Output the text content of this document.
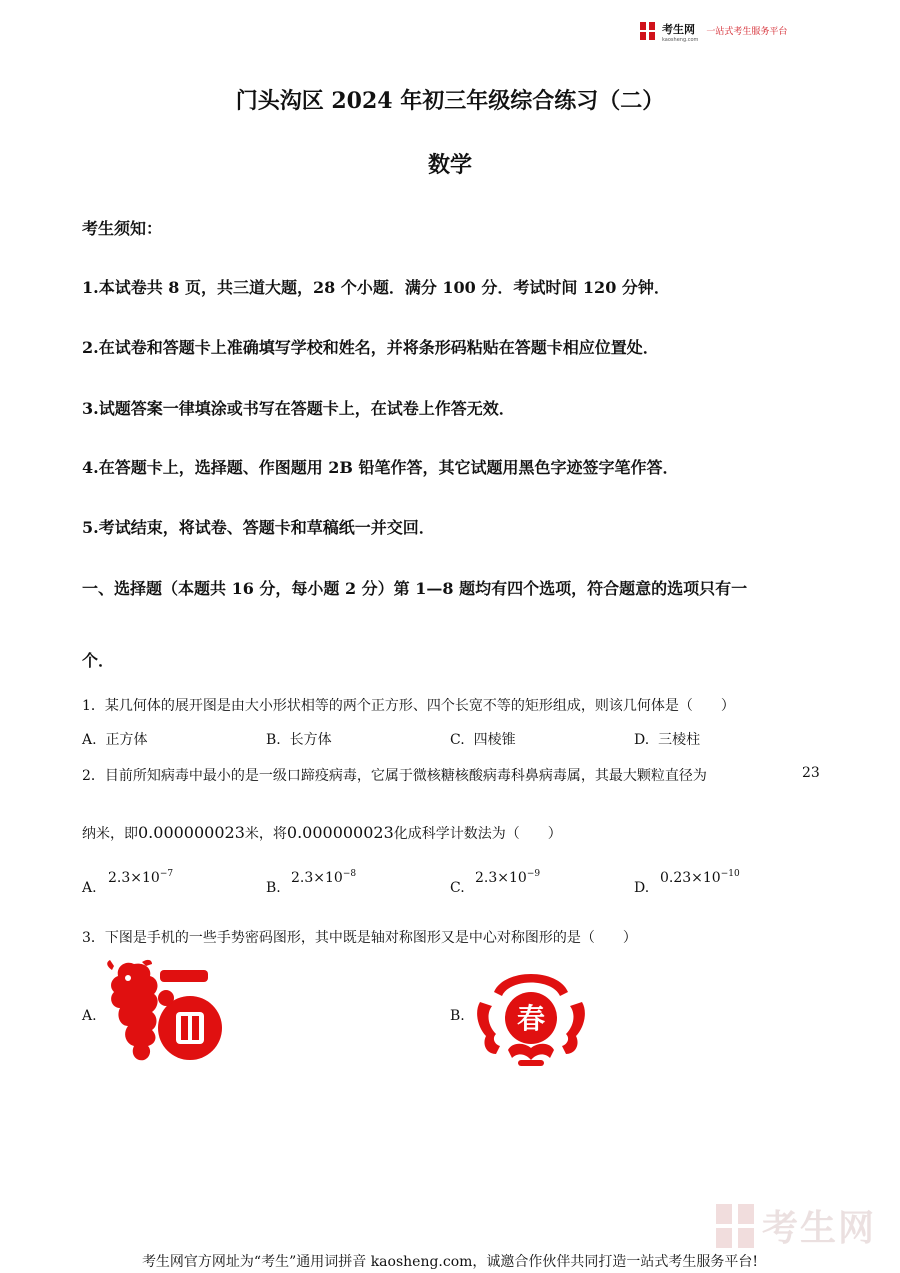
考生网
kaosheng.com
一站式考生服务平台
门头沟区 2024 年初三年级综合练习（二）
数学
考生须知：
1.本试卷共 8 页，共三道大题，28 个小题．满分 100 分．考试时间 120 分钟．
2.在试卷和答题卡上准确填写学校和姓名，并将条形码粘贴在答题卡相应位置处．
3.试题答案一律填涂或书写在答题卡上，在试卷上作答无效．
4.在答题卡上，选择题、作图题用 2B 铅笔作答，其它试题用黑色字迹签字笔作答．
5.考试结束，将试卷、答题卡和草稿纸一并交回．
一、选择题（本题共 16 分，每小题 2 分）第 1—8 题均有四个选项，符合题意的选项只有一
个．
1．某几何体的展开图是由大小形状相等的两个正方形、四个长宽不等的矩形组成，则该几何体是（　　）
A. 正方体	B. 长方体	C. 四棱锥	D. 三棱柱
2．目前所知病毒中最小的是一级口蹄疫病毒，它属于微核糖核酸病毒科鼻病毒属，其最大颗粒直径为	23
纳米，即0.000000023米，将0.000000023化成科学计数法为（　　）
A.
$2.3\times 10^{-7}$
B.
$2.3\times 10^{-8}$
C.
$2.3\times 10^{-9}$
D.
$0.23\times 10^{-10}$
3．下图是手机的一些手势密码图形，其中既是轴对称图形又是中心对称图形的是（　　）
A.	B. 春
考生网
考生网官方网址为“考生”通用词拼音 kaosheng.com，诚邀合作伙伴共同打造一站式考生服务平台!
